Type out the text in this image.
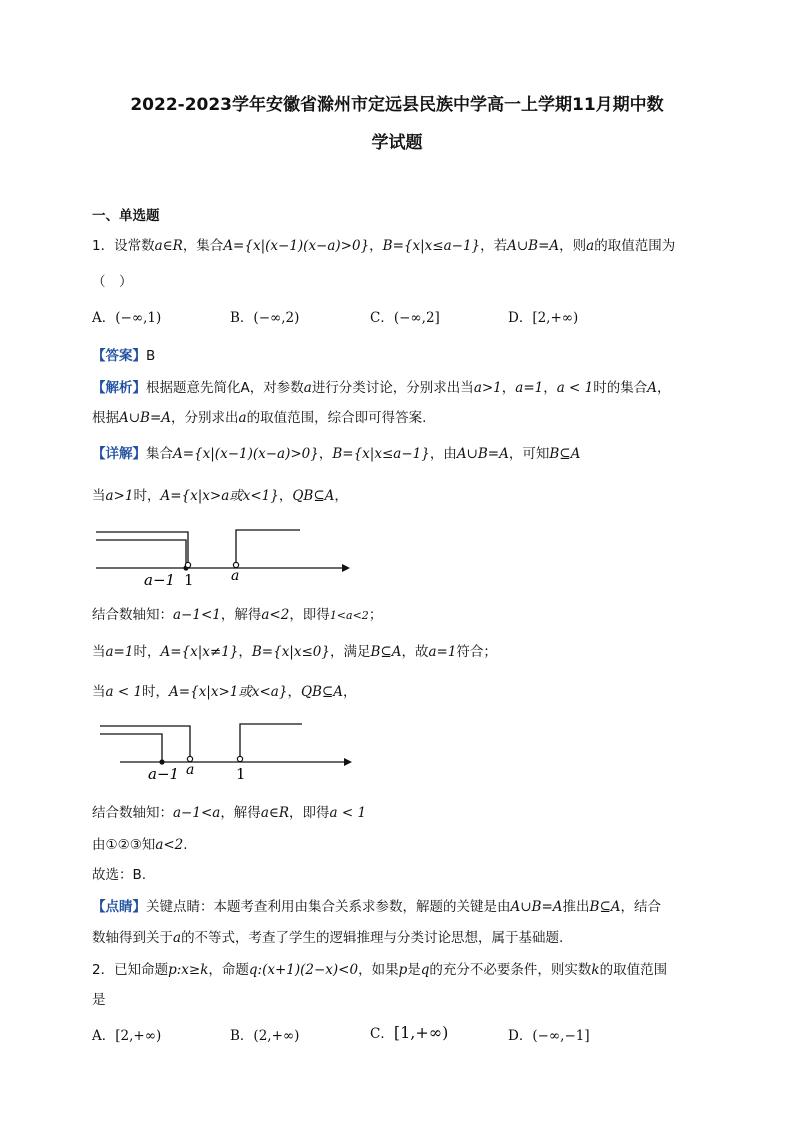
2022-2023学年安徽省滁州市定远县民族中学高一上学期11月期中数
学试题
一、单选题
1．设常数a∈R，集合A={x|(x−1)(x−a)>0}，B={x|x≤a−1}，若A∪B=A，则a的取值范围为
（　）
A．(−∞,1)	B．(−∞,2)	C．(−∞,2]	D．[2,+∞)
【答案】B
【解析】根据题意先简化A，对参数a进行分类讨论，分别求出当a>1，a=1，a < 1时的集合A，
根据A∪B=A，分别求出a的取值范围，综合即可得答案.
【详解】集合A={x|(x−1)(x−a)>0}，B={x|x≤a−1}，由A∪B=A，可知B⊆A
当a>1时，A={x|x>a或x<1}，QB⊆A，
a−1 1	a
结合数轴知：a−1<1，解得a<2，即得1<a<2；
当a=1时，A={x|x≠1}，B={x|x≤0}，满足B⊆A，故a=1符合；
当a < 1时，A={x|x>1或x<a}，QB⊆A，
a−1 a	1
结合数轴知：a−1<a，解得a∈R，即得a < 1
由①②③知a<2.
故选：B.
【点睛】关键点睛：本题考查利用由集合关系求参数，解题的关键是由A∪B=A推出B⊆A，结合
数轴得到关于a的不等式，考查了学生的逻辑推理与分类讨论思想，属于基础题.
2．已知命题p:x≥k，命题q:(x+1)(2−x)<0，如果p是q的充分不必要条件，则实数k的取值范围
是
A．[2,+∞)	B．(2,+∞)	C．[1,+∞)	D．(−∞,−1]
